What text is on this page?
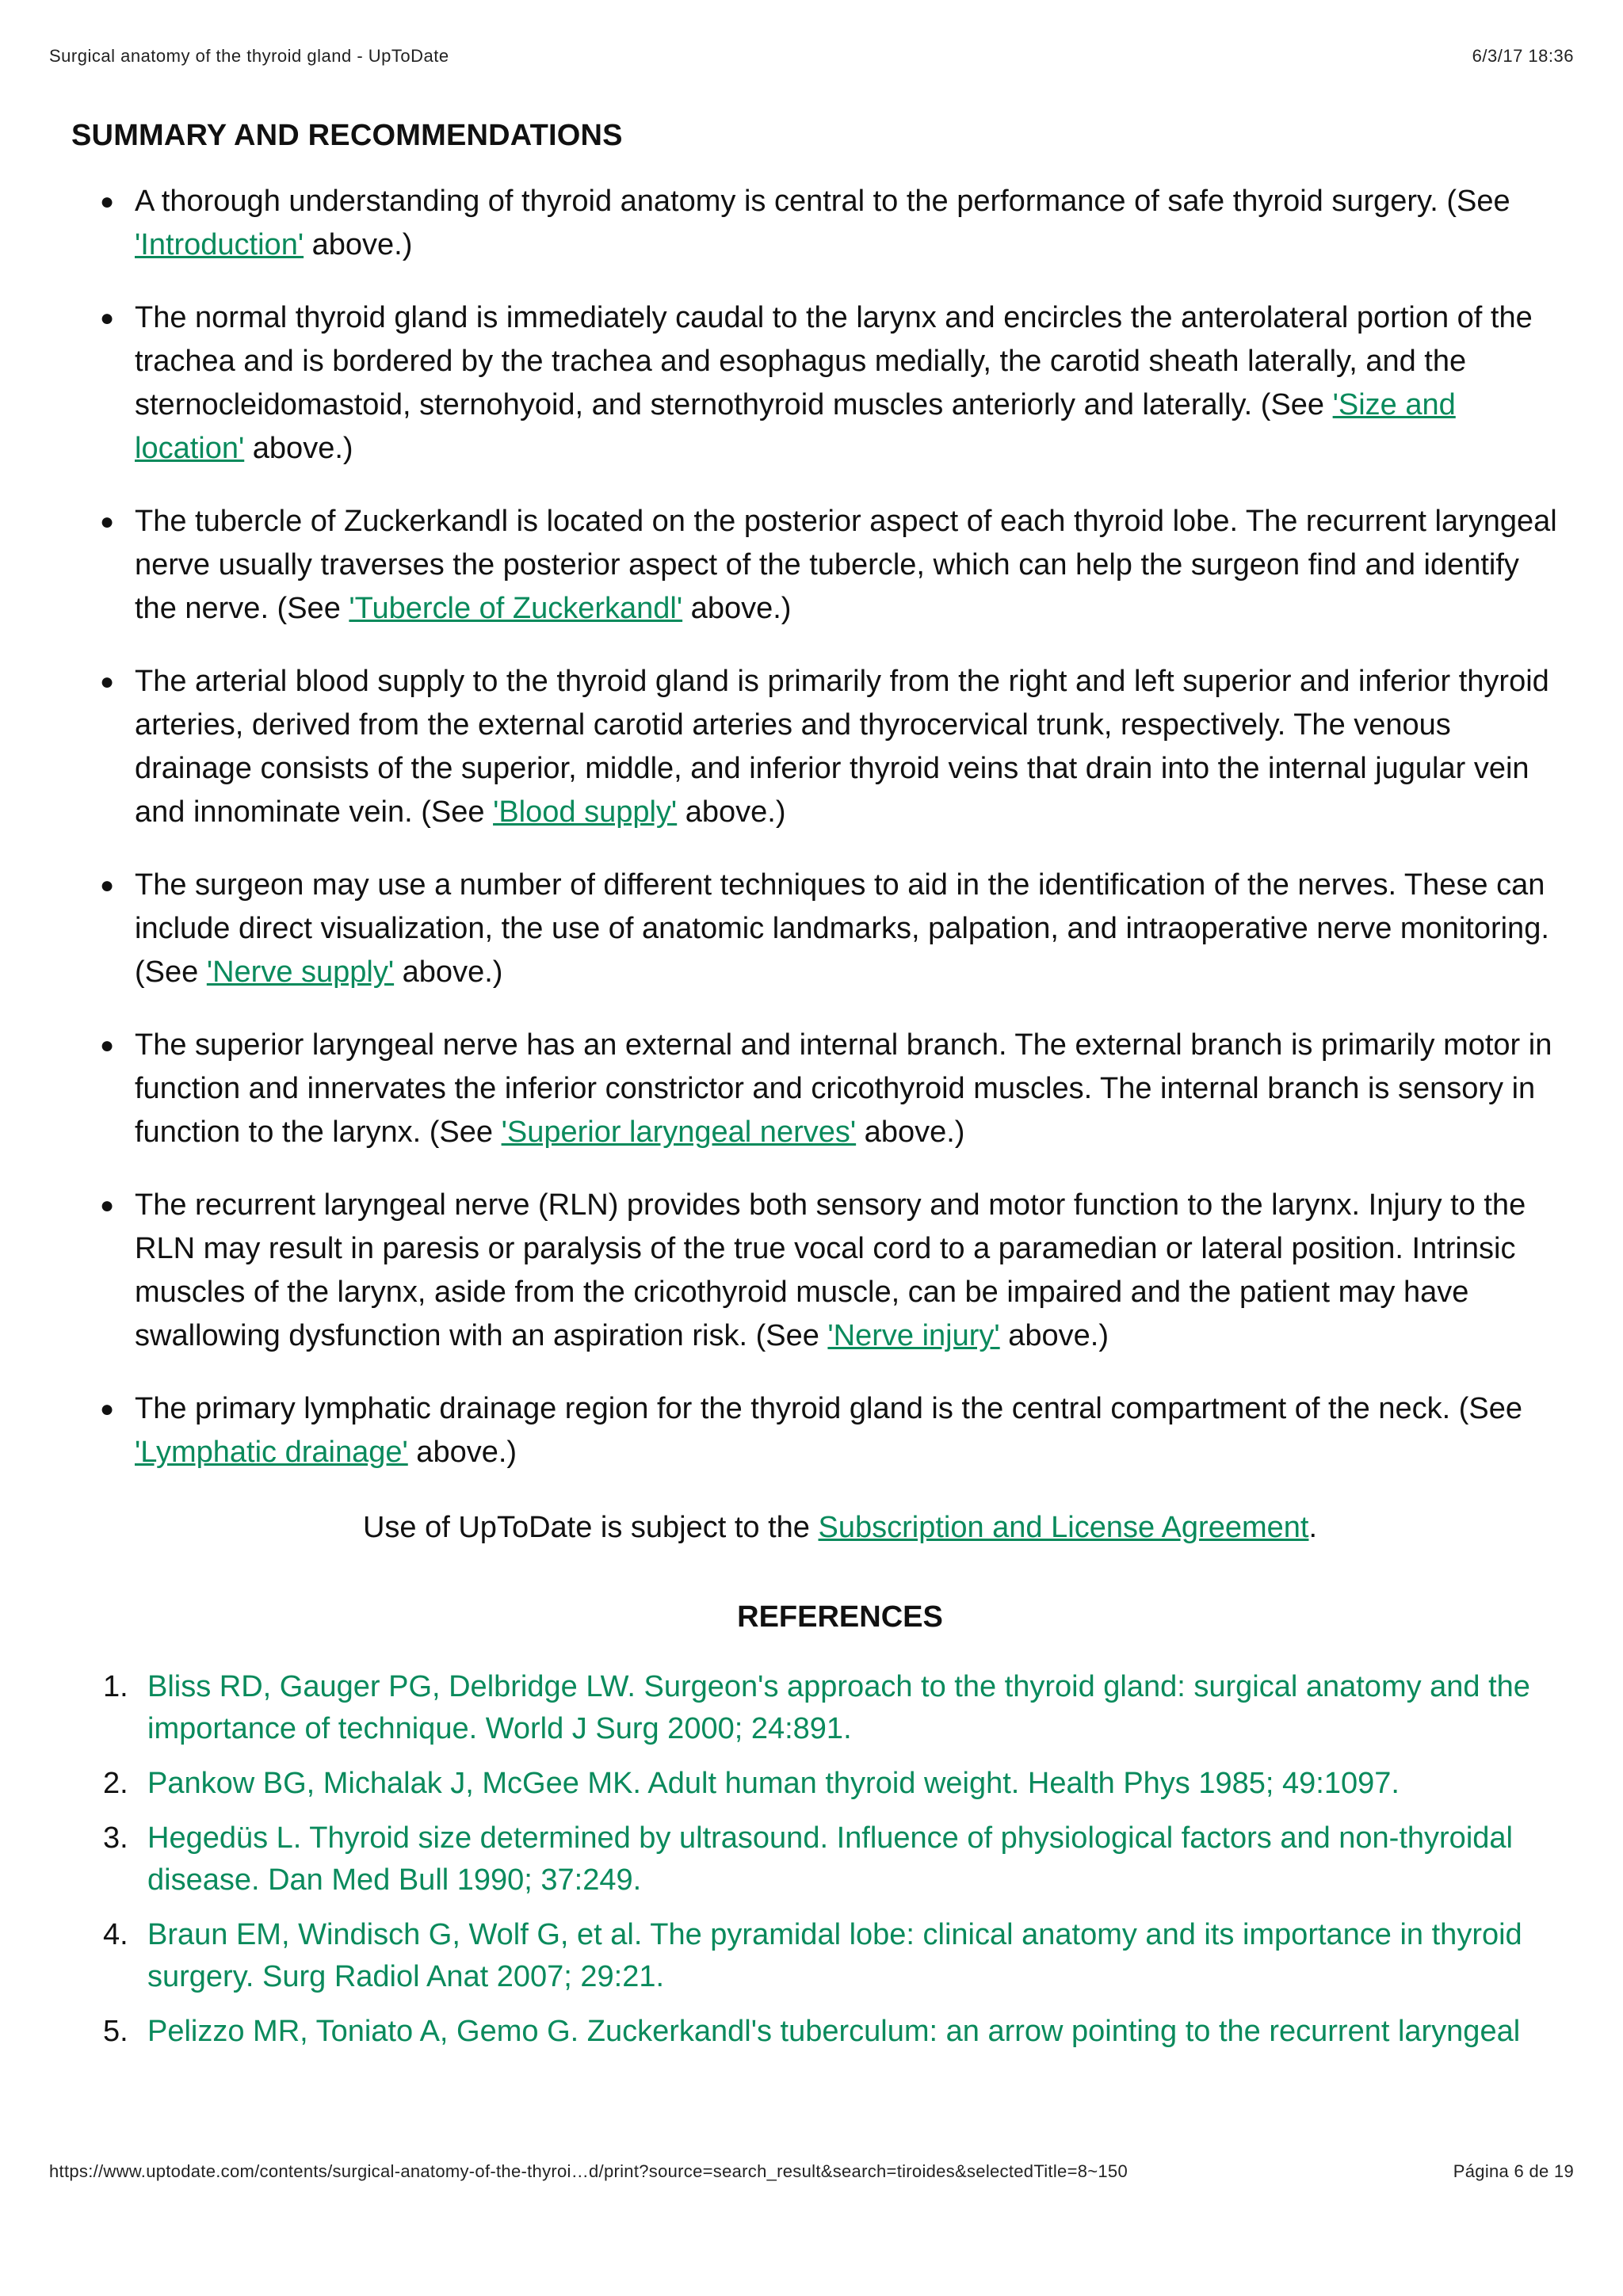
Surgical anatomy of the thyroid gland - UpToDate	6/3/17 18:36
SUMMARY AND RECOMMENDATIONS
● A thorough understanding of thyroid anatomy is central to the performance of safe thyroid surgery. (See 'Introduction' above.)
● The normal thyroid gland is immediately caudal to the larynx and encircles the anterolateral portion of the trachea and is bordered by the trachea and esophagus medially, the carotid sheath laterally, and the sternocleidomastoid, sternohyoid, and sternothyroid muscles anteriorly and laterally. (See 'Size and location' above.)
● The tubercle of Zuckerkandl is located on the posterior aspect of each thyroid lobe. The recurrent laryngeal nerve usually traverses the posterior aspect of the tubercle, which can help the surgeon find and identify the nerve. (See 'Tubercle of Zuckerkandl' above.)
● The arterial blood supply to the thyroid gland is primarily from the right and left superior and inferior thyroid arteries, derived from the external carotid arteries and thyrocervical trunk, respectively. The venous drainage consists of the superior, middle, and inferior thyroid veins that drain into the internal jugular vein and innominate vein. (See 'Blood supply' above.)
● The surgeon may use a number of different techniques to aid in the identification of the nerves. These can include direct visualization, the use of anatomic landmarks, palpation, and intraoperative nerve monitoring. (See 'Nerve supply' above.)
● The superior laryngeal nerve has an external and internal branch. The external branch is primarily motor in function and innervates the inferior constrictor and cricothyroid muscles. The internal branch is sensory in function to the larynx. (See 'Superior laryngeal nerves' above.)
● The recurrent laryngeal nerve (RLN) provides both sensory and motor function to the larynx. Injury to the RLN may result in paresis or paralysis of the true vocal cord to a paramedian or lateral position. Intrinsic muscles of the larynx, aside from the cricothyroid muscle, can be impaired and the patient may have swallowing dysfunction with an aspiration risk. (See 'Nerve injury' above.)
● The primary lymphatic drainage region for the thyroid gland is the central compartment of the neck. (See 'Lymphatic drainage' above.)
Use of UpToDate is subject to the Subscription and License Agreement.
REFERENCES
1. Bliss RD, Gauger PG, Delbridge LW. Surgeon's approach to the thyroid gland: surgical anatomy and the importance of technique. World J Surg 2000; 24:891.
2. Pankow BG, Michalak J, McGee MK. Adult human thyroid weight. Health Phys 1985; 49:1097.
3. Hegedüs L. Thyroid size determined by ultrasound. Influence of physiological factors and non-thyroidal disease. Dan Med Bull 1990; 37:249.
4. Braun EM, Windisch G, Wolf G, et al. The pyramidal lobe: clinical anatomy and its importance in thyroid surgery. Surg Radiol Anat 2007; 29:21.
5. Pelizzo MR, Toniato A, Gemo G. Zuckerkandl's tuberculum: an arrow pointing to the recurrent laryngeal
https://www.uptodate.com/contents/surgical-anatomy-of-the-thyroi…d/print?source=search_result&search=tiroides&selectedTitle=8~150	Página 6 de 19
